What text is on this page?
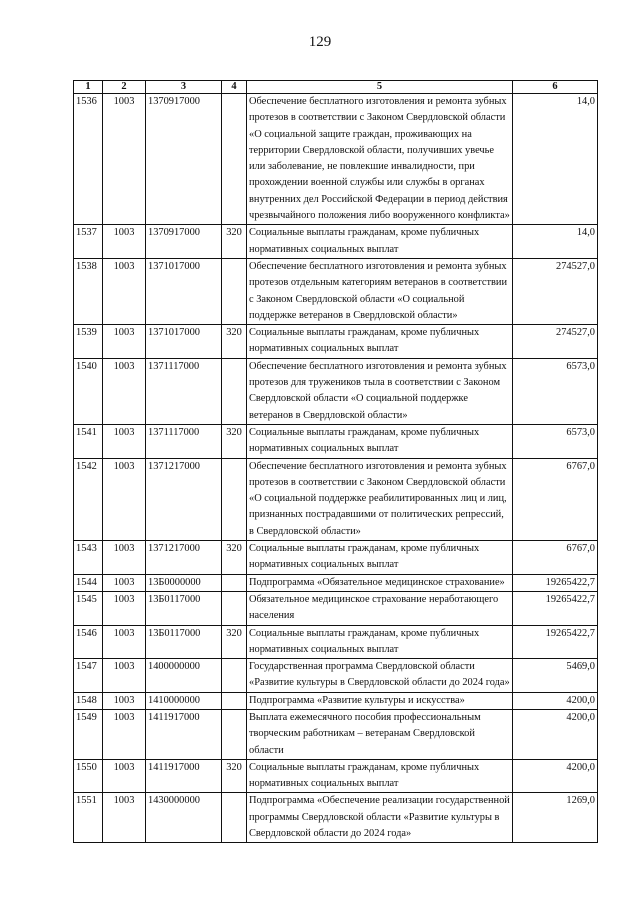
129
1	2	3	4	5	6
1536	1003	1370917000		Обеспечение бесплатного изготовления и ремонта зубных протезов в соответствии с Законом Свердловской области «О социальной защите граждан, проживающих на территории Свердловской области, получивших увечье или заболевание, не повлекшие инвалидности, при прохождении военной службы или службы в органах внутренних дел Российской Федерации в период действия чрезвычайного положения либо вооруженного конфликта»	14,0
1537	1003	1370917000	320	Социальные выплаты гражданам, кроме публичных нормативных социальных выплат	14,0
1538	1003	1371017000		Обеспечение бесплатного изготовления и ремонта зубных протезов отдельным категориям ветеранов в соответствии с Законом Свердловской области «О социальной поддержке ветеранов в Свердловской области»	274527,0
1539	1003	1371017000	320	Социальные выплаты гражданам, кроме публичных нормативных социальных выплат	274527,0
1540	1003	1371117000		Обеспечение бесплатного изготовления и ремонта зубных протезов для тружеников тыла в соответствии с Законом Свердловской области «О социальной поддержке ветеранов в Свердловской области»	6573,0
1541	1003	1371117000	320	Социальные выплаты гражданам, кроме публичных нормативных социальных выплат	6573,0
1542	1003	1371217000		Обеспечение бесплатного изготовления и ремонта зубных протезов в соответствии с Законом Свердловской области «О социальной поддержке реабилитированных лиц и лиц, признанных пострадавшими от политических репрессий, в Свердловской области»	6767,0
1543	1003	1371217000	320	Социальные выплаты гражданам, кроме публичных нормативных социальных выплат	6767,0
1544	1003	13Б0000000		Подпрограмма «Обязательное медицинское страхование»	19265422,7
1545	1003	13Б0117000		Обязательное медицинское страхование неработающего населения	19265422,7
1546	1003	13Б0117000	320	Социальные выплаты гражданам, кроме публичных нормативных социальных выплат	19265422,7
1547	1003	1400000000		Государственная программа Свердловской области «Развитие культуры в Свердловской области до 2024 года»	5469,0
1548	1003	1410000000		Подпрограмма «Развитие культуры и искусства»	4200,0
1549	1003	1411917000		Выплата ежемесячного пособия профессиональным творческим работникам – ветеранам Свердловской области	4200,0
1550	1003	1411917000	320	Социальные выплаты гражданам, кроме публичных нормативных социальных выплат	4200,0
1551	1003	1430000000		Подпрограмма «Обеспечение реализации государственной программы Свердловской области «Развитие культуры в Свердловской области до 2024 года»	1269,0
